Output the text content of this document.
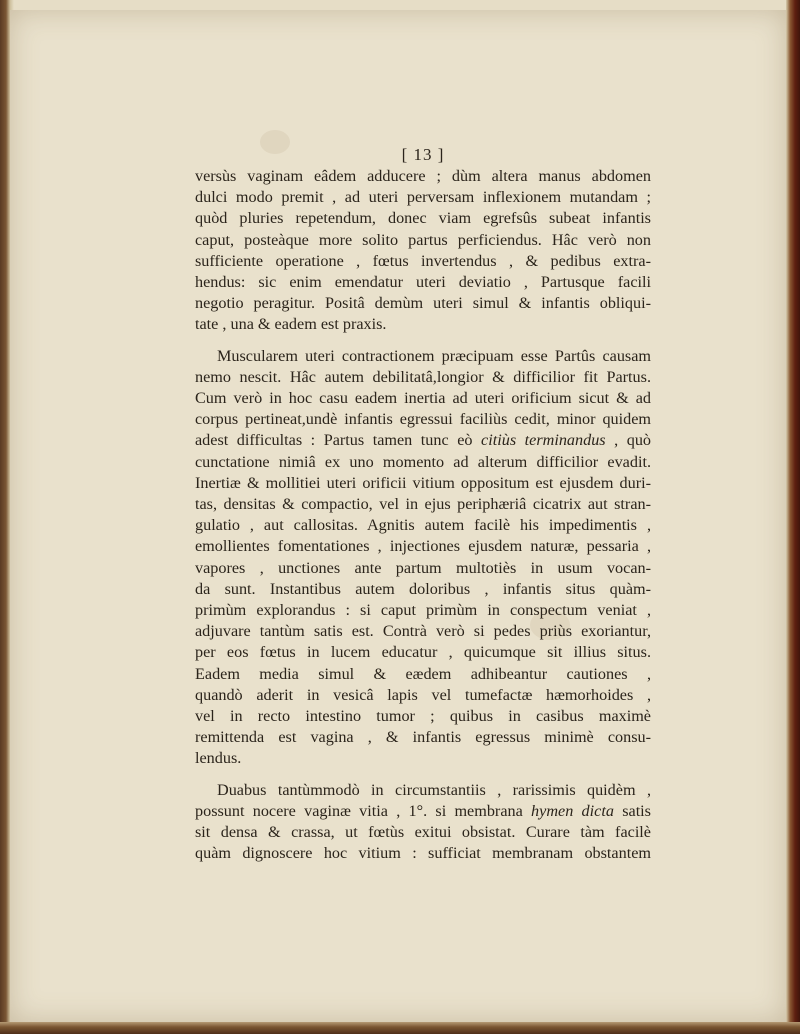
[ 13 ]
versùs vaginam eâdem adducere ; dùm altera manus abdomen
dulci modo premit , ad uteri perversam inflexionem mutandam ;
quòd pluries repetendum, donec viam egrefsûs subeat infantis
caput, posteàque more solito partus perficiendus. Hâc verò non
sufficiente operatione , fœtus invertendus , & pedibus extra-
hendus: sic enim emendatur uteri deviatio , Partusque facili
negotio peragitur. Positâ demùm uteri simul & infantis obliqui-
tate , una & eadem est praxis.
Muscularem uteri contractionem præcipuam esse Partûs causam
nemo nescit. Hâc autem debilitatâ,longior & difficilior fit Partus.
Cum verò in hoc casu eadem inertia ad uteri orificium sicut & ad
corpus pertineat,undè infantis egressui faciliùs cedit, minor quidem
adest difficultas : Partus tamen tunc eò citiùs terminandus , quò
cunctatione nimiâ ex uno momento ad alterum difficilior evadit.
Inertiæ & mollitiei uteri orificii vitium oppositum est ejusdem duri-
tas, densitas & compactio, vel in ejus periphæriâ cicatrix aut stran-
gulatio , aut callositas. Agnitis autem facilè his impedimentis ,
emollientes fomentationes , injectiones ejusdem naturæ, pessaria ,
vapores , unctiones ante partum multotiès in usum vocan-
da sunt. Instantibus autem doloribus , infantis situs quàm-
primùm explorandus : si caput primùm in conspectum veniat ,
adjuvare tantùm satis est. Contrà verò si pedes priùs exoriantur,
per eos fœtus in lucem educatur , quicumque sit illius situs.
Eadem media simul & eædem adhibeantur cautiones ,
quandò aderit in vesicâ lapis vel tumefactæ hæmorhoides ,
vel in recto intestino tumor ; quibus in casibus maximè
remittenda est vagina , & infantis egressus minimè consu-
lendus.
Duabus tantùmmodò in circumstantiis , rarissimis quidèm ,
possunt nocere vaginæ vitia , 1°. si membrana hymen dicta satis
sit densa & crassa, ut fœtùs exitui obsistat. Curare tàm facilè
quàm dignoscere hoc vitium : sufficiat membranam obstantem
